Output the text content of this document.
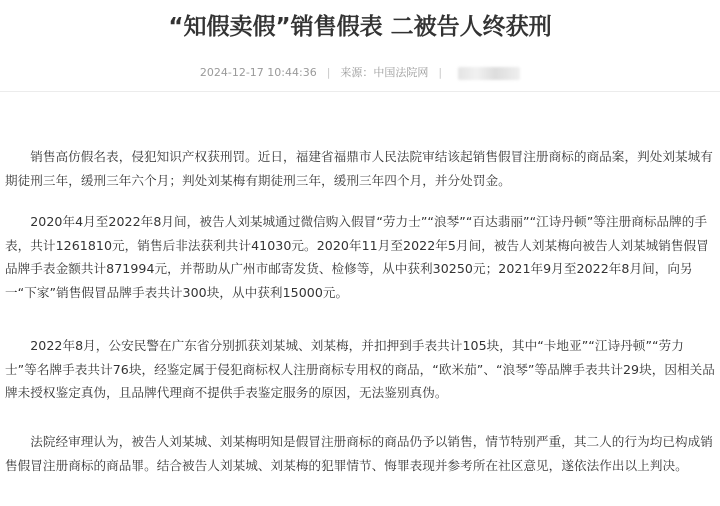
“知假卖假”销售假表 二被告人终获刑
2024-12-17 10:44:36 | 来源：中国法院网 |

销售高仿假名表，侵犯知识产权获刑罚。近日，福建省福鼎市人民法院审结该起销售假冒注册商标的商品案，判处刘某城有期徒刑三年，缓刑三年六个月；判处刘某梅有期徒刑三年，缓刑三年四个月，并分处罚金。

2020年4月至2022年8月间，被告人刘某城通过微信购入假冒“劳力士”“浪琴”“百达翡丽”“江诗丹顿”等注册商标品牌的手表，共计1261810元，销售后非法获利共计41030元。2020年11月至2022年5月间，被告人刘某梅向被告人刘某城销售假冒品牌手表金额共计871994元，并帮助从广州市邮寄发货、检修等，从中获利30250元；2021年9月至2022年8月间，向另一“下家”销售假冒品牌手表共计300块，从中获利15000元。

2022年8月，公安民警在广东省分别抓获刘某城、刘某梅，并扣押到手表共计105块，其中“卡地亚”“江诗丹顿”“劳力士”等名牌手表共计76块，经鉴定属于侵犯商标权人注册商标专用权的商品，“欧米茄”、“浪琴”等品牌手表共计29块，因相关品牌未授权鉴定真伪，且品牌代理商不提供手表鉴定服务的原因，无法鉴别真伪。

法院经审理认为，被告人刘某城、刘某梅明知是假冒注册商标的商品仍予以销售，情节特别严重，其二人的行为均已构成销售假冒注册商标的商品罪。结合被告人刘某城、刘某梅的犯罪情节、悔罪表现并参考所在社区意见，遂依法作出以上判决。
